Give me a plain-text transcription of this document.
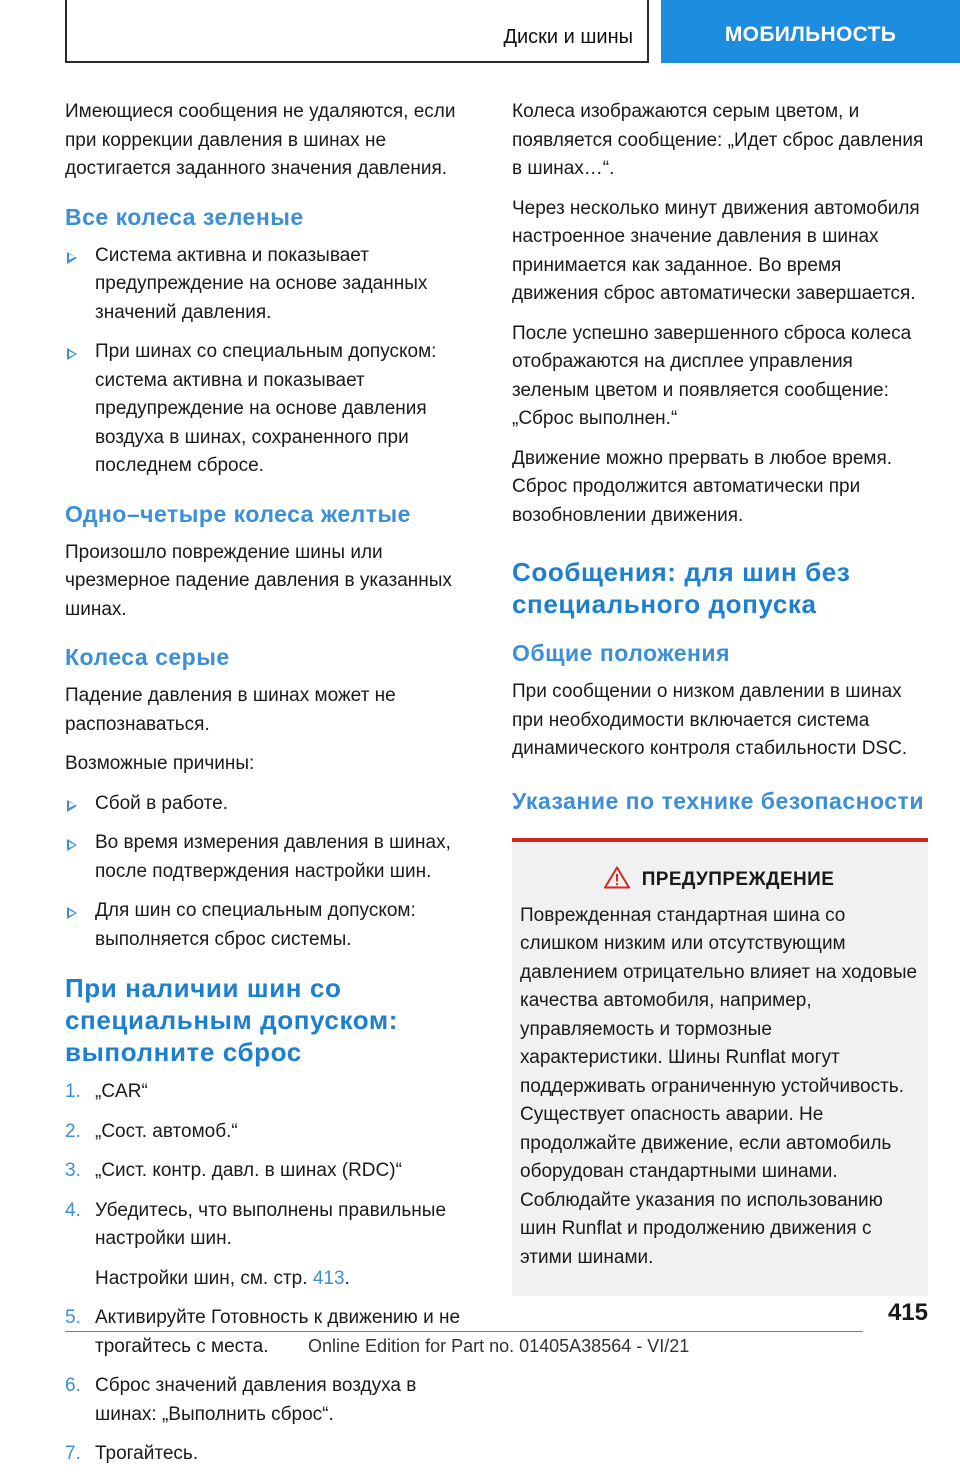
Диски и шины	МОБИЛЬНОСТЬ

Имеющиеся сообщения не удаляются, если при коррекции давления в шинах не достигается заданного значения давления.

Все колеса зеленые
Система активна и показывает предупреждение на основе заданных значений давления.
При шинах со специальным допуском: система активна и показывает предупреждение на основе давления воздуха в шинах, сохраненного при последнем сбросе.
Одно–четыре колеса желтые

Произошло повреждение шины или чрезмерное падение давления в указанных шинах.

Колеса серые

Падение давления в шинах может не распознаваться.

Возможные причины:

Сбой в работе.
Во время измерения давления в шинах, после подтверждения настройки шин.
Для шин со специальным допуском: выполняется сброс системы.
При наличии шин со специальным допуском: выполните сброс
1. „CAR“
2. „Сост. автомоб.“
3. „Сист. контр. давл. в шинах (RDC)“
4. Убедитесь, что выполнены правильные настройки шин.
Настройки шин, см. стр. 413.
5. Активируйте Готовность к движению и не трогайтесь с места.
6. Сброс значений давления воздуха в шинах: „Выполнить сброс“.
7. Трогайтесь.

Колеса изображаются серым цветом, и появляется сообщение: „Идет сброс давления в шинах…“.

Через несколько минут движения автомобиля настроенное значение давления в шинах принимается как заданное. Во время движения сброс автоматически завершается.

После успешно завершенного сброса колеса отображаются на дисплее управления зеленым цветом и появляется сообщение: „Сброс выполнен.“

Движение можно прервать в любое время. Сброс продолжится автоматически при возобновлении движения.

Сообщения: для шин без специального допуска
Общие положения

При сообщении о низком давлении в шинах при необходимости включается система динамического контроля стабильности DSC.

Указание по технике безопасности
ПРЕДУПРЕЖДЕНИЕ

Поврежденная стандартная шина со слишком низким или отсутствующим давлением отрицательно влияет на ходовые качества автомобиля, например, управляемость и тормозные характеристики. Шины Runflat могут поддерживать ограниченную устойчивость. Существует опасность аварии. Не продолжайте движение, если автомобиль оборудован стандартными шинами. Соблюдайте указания по использованию шин Runflat и продолжению движения с этими шинами.

415
Online Edition for Part no. 01405A38564 - VI/21
